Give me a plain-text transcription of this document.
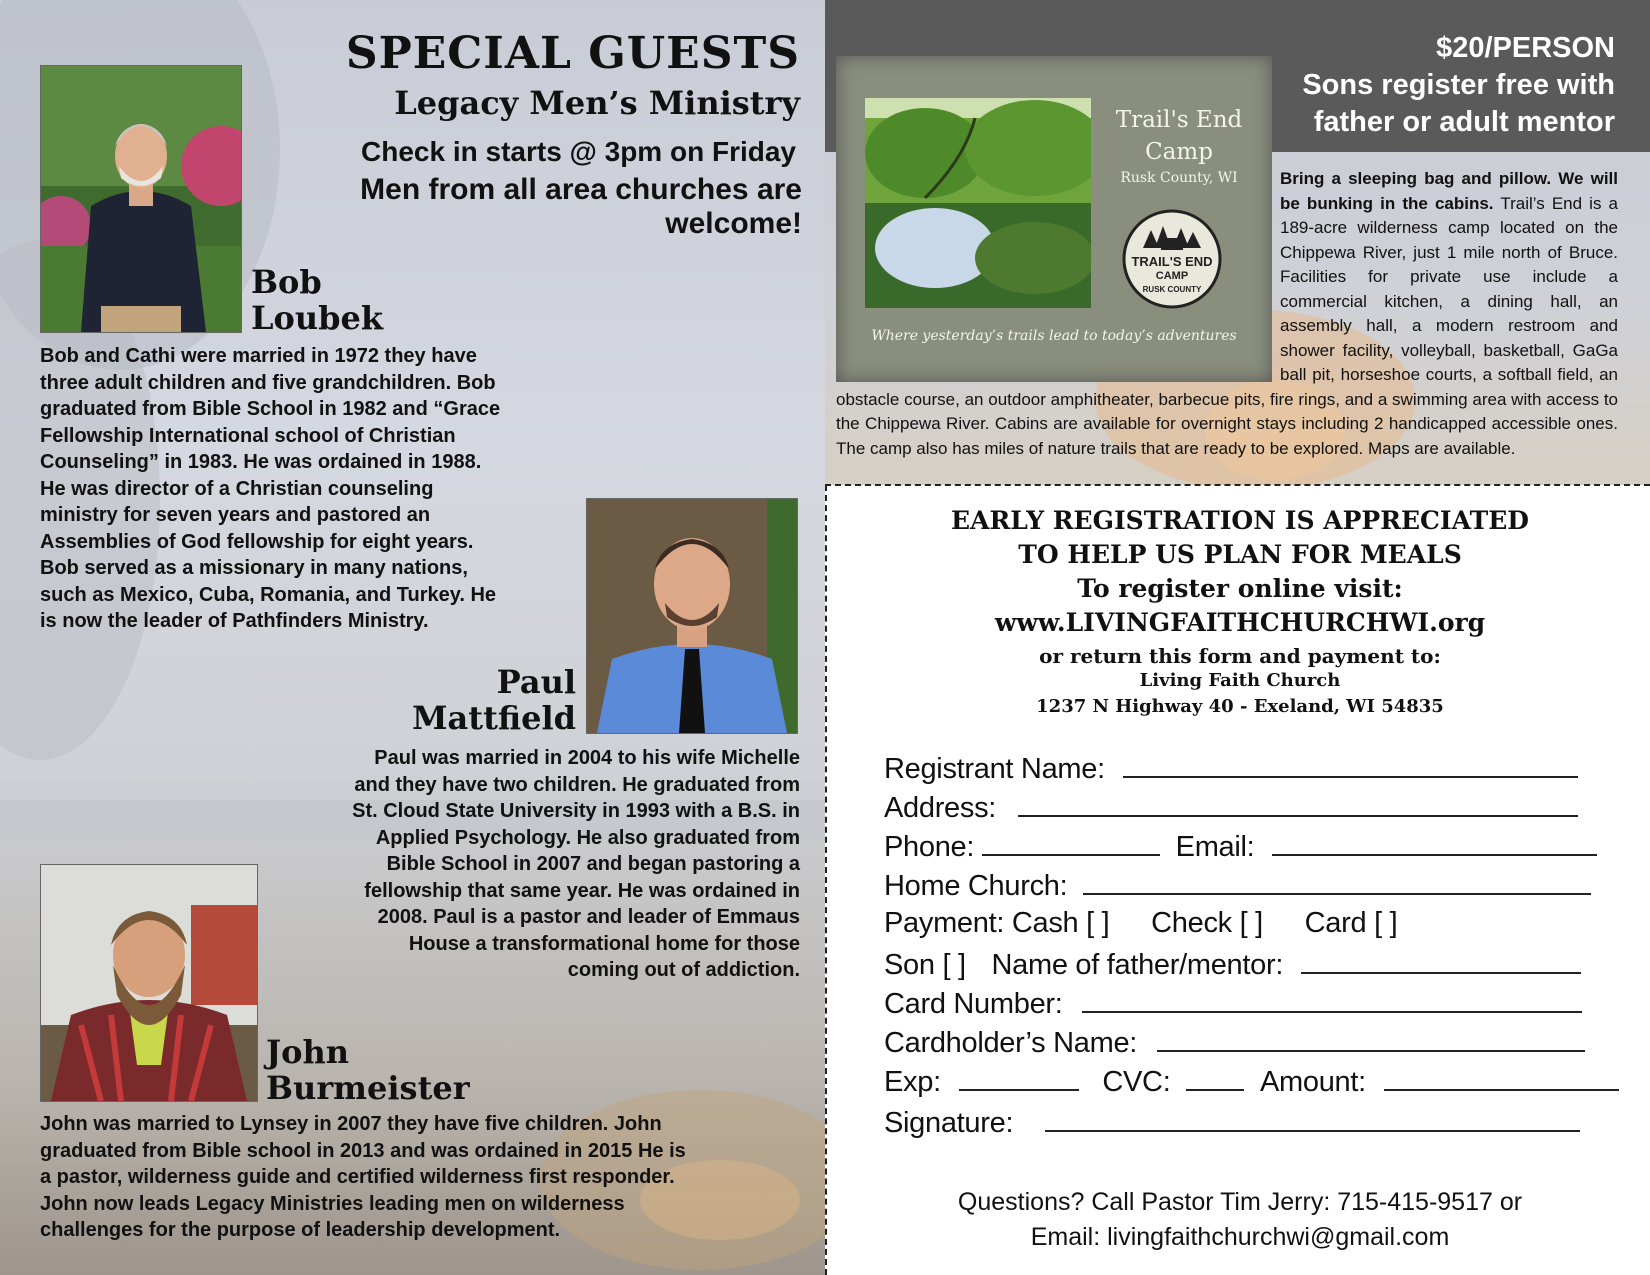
SPECIAL GUESTS
Legacy Men’s Ministry
Check in starts @ 3pm on Friday
Men from all area churches are welcome!
Bob
Loubek
Bob and Cathi were married in 1972 they have three adult children and five grandchildren. Bob graduated from Bible School in 1982 and “Grace Fellowship International school of Christian Counseling” in 1983. He was ordained in 1988. He was director of a Christian counseling ministry for seven years and pastored an Assemblies of God fellowship for eight years. Bob served as a missionary in many nations, such as Mexico, Cuba, Romania, and Turkey. He is now the leader of Pathfinders Ministry.
Paul
Mattfield
Paul was married in 2004 to his wife Michelle and they have two children. He graduated from St. Cloud State University in 1993 with a B.S. in Applied Psychology. He also graduated from Bible School in 2007 and began pastoring a fellowship that same year. He was ordained in 2008. Paul is a pastor and leader of Emmaus House a transformational home for those coming out of addiction.
John
Burmeister
John was married to Lynsey in 2007 they have five children. John graduated from Bible school in 2013 and was ordained in 2015 He is a pastor, wilderness guide and certified wilderness first responder. John now leads Legacy Ministries leading men on wilderness challenges for the purpose of leadership development.
$20/PERSON
Sons register free with
father or adult mentor
Trail's End
Camp
Rusk County, WI
TRAIL'S END
CAMP
RUSK COUNTY
Where yesterday’s trails lead to today’s adventures
Bring a sleeping bag and pillow. We will be bunking in the cabins. Trail’s End is a 189-acre wilderness camp located on the Chippewa River, just 1 mile north of Bruce. Facilities for private use include a commercial kitchen, a dining hall, an assembly hall, a modern restroom and shower facility, volleyball, basketball, GaGa ball pit, horseshoe courts, a softball field, an obstacle course, an outdoor amphitheater, barbecue pits, fire rings, and a swimming area with access to the Chippewa River. Cabins are available for overnight stays including 2 handicapped accessible ones. The camp also has miles of nature trails that are ready to be explored. Maps are available.
EARLY REGISTRATION IS APPRECIATED
TO HELP US PLAN FOR MEALS
To register online visit:
www.LIVINGFAITHCHURCHWI.org
or return this form and payment to:
Living Faith Church
1237 N Highway 40 - Exeland, WI 54835
Registrant Name:
Address:
Phone:	Email:
Home Church:
Payment: Cash [ ] Check [ ] Card [ ]
Son [ ] Name of father/mentor:
Card Number:
Cardholder’s Name:
Exp:	CVC:	Amount:
Signature:
Questions? Call Pastor Tim Jerry: 715-415-9517 or
Email: livingfaithchurchwi@gmail.com
